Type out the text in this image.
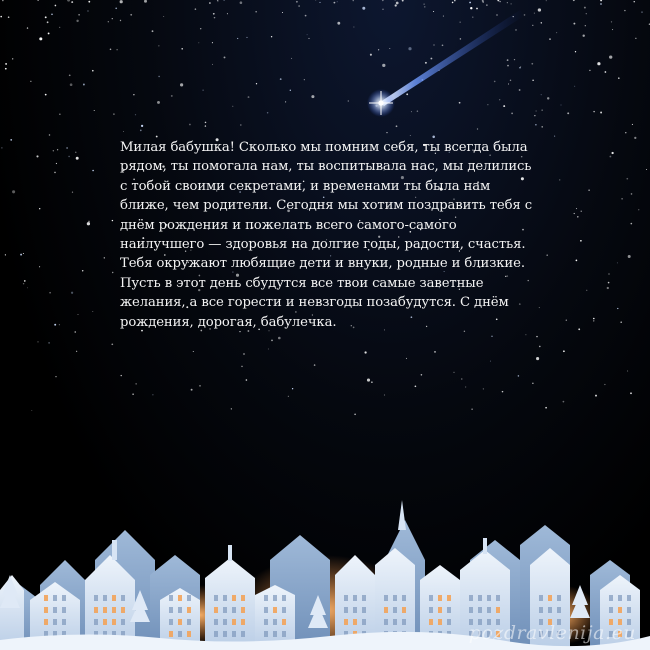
Милая бабушка! Сколько мы помним себя, ты всегда была рядом, ты помогала нам, ты воспитывала нас, мы делились с тобой своими секретами, и временами ты была нам ближе, чем родители. Сегодня мы хотим поздравить тебя с днём рождения и пожелать всего самого-самого наилучшего — здоровья на долгие годы, радости, счастья. Тебя окружают любящие дети и внуки, родные и близкие. Пусть в этот день сбудутся все твои самые заветные желания, а все горести и невзгоды позабудутся. С днём рождения, дорогая, бабулечка.

pozdravlenija.eu
